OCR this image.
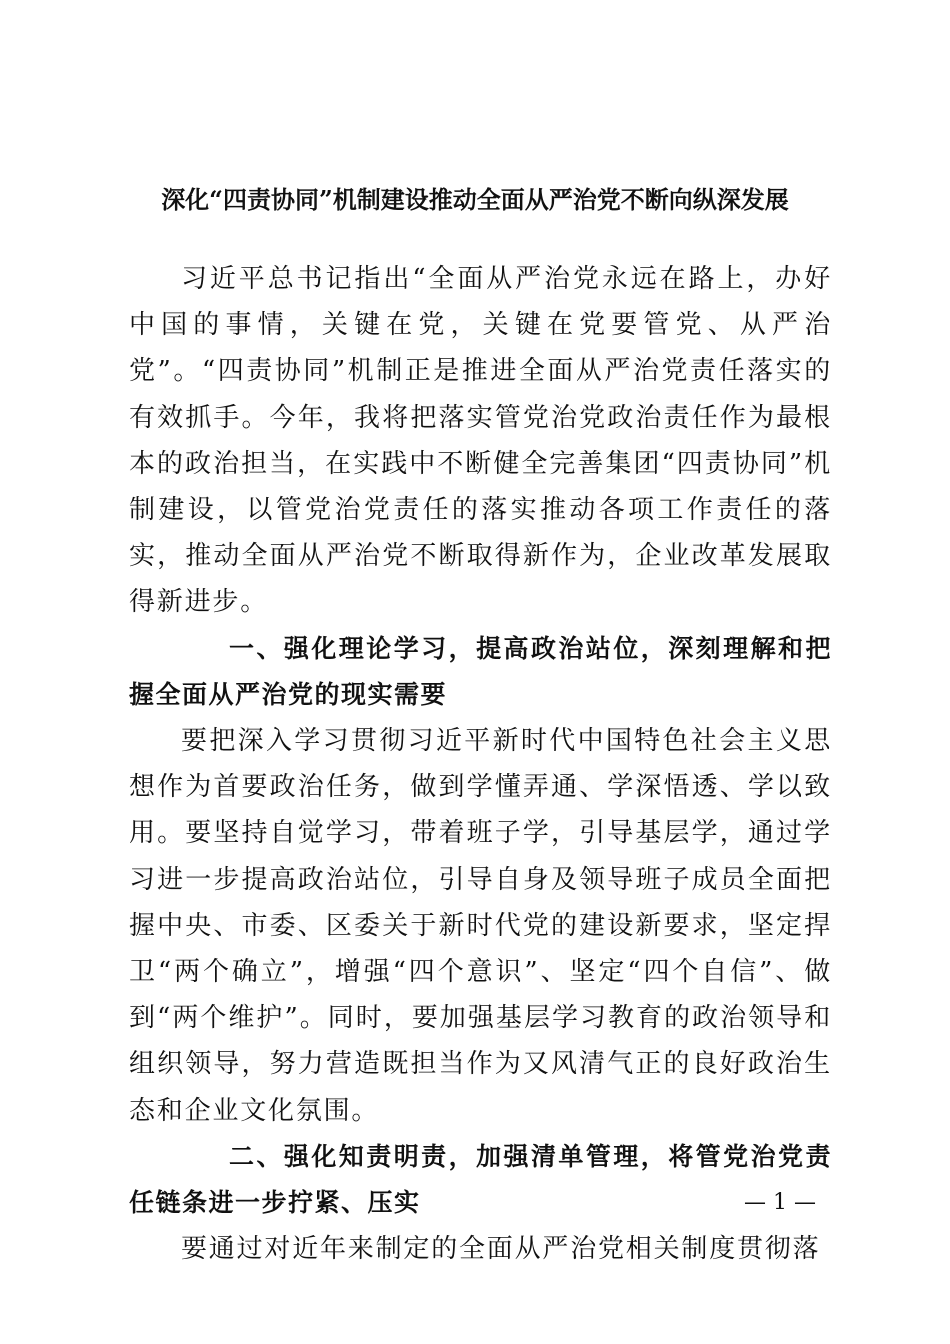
深化“四责协同”机制建设推动全面从严治党不断向纵深发展

习近平总书记指出“全面从严治党永远在路上，办好中国的事情，关键在党，关键在党要管党、从严治党”。“四责协同”机制正是推进全面从严治党责任落实的有效抓手。今年，我将把落实管党治党政治责任作为最根本的政治担当，在实践中不断健全完善集团“四责协同”机制建设，以管党治党责任的落实推动各项工作责任的落实，推动全面从严治党不断取得新作为，企业改革发展取得新进步。

一、强化理论学习，提高政治站位，深刻理解和把握全面从严治党的现实需要

要把深入学习贯彻习近平新时代中国特色社会主义思想作为首要政治任务，做到学懂弄通、学深悟透、学以致用。要坚持自觉学习，带着班子学，引导基层学，通过学习进一步提高政治站位，引导自身及领导班子成员全面把握中央、市委、区委关于新时代党的建设新要求，坚定捍卫“两个确立”，增强“四个意识”、坚定“四个自信”、做到“两个维护”。同时，要加强基层学习教育的政治领导和组织领导，努力营造既担当作为又风清气正的良好政治生态和企业文化氛围。

二、强化知责明责，加强清单管理，将管党治党责任链条进一步拧紧、压实

要通过对近年来制定的全面从严治党相关制度贯彻落

— 1 —
